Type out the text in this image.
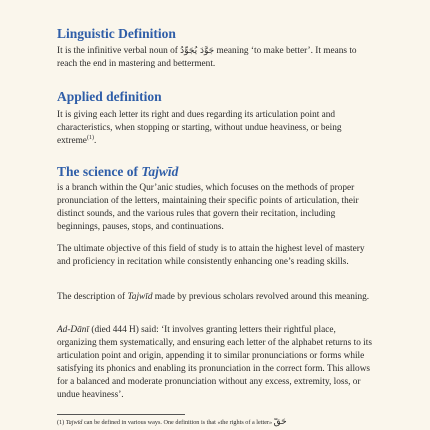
Linguistic Definition

It is the infinitive verbal noun of جَوَّدَ يُجَوِّدُ meaning ‘to make better’. It means to reach the end in mastering and betterment.

Applied definition

It is giving each letter its right and dues regarding its articulation point and characteristics, when stopping or starting, without undue heaviness, or being extreme$^{(1)}$.

The science of Tajwīd

is a branch within the Qur’anic studies, which focuses on the methods of proper pronunciation of the letters, maintaining their specific points of articulation, their distinct sounds, and the various rules that govern their recitation, including beginnings, pauses, stops, and continuations.

The ultimate objective of this field of study is to attain the highest level of mastery and proficiency in recitation while consistently enhancing one’s reading skills.

The description of Tajwīd made by previous scholars revolved around this meaning.

Ad-Dānī (died 444 H) said: ‘It involves granting letters their rightful place, organizing them systematically, and ensuring each letter of the alphabet returns to its articulation point and origin, appending it to similar pronunciations or forms while satisfying its phonics and enabling its pronunciation in the correct form. This allows for a balanced and moderate pronunciation without any excess, extremity, loss, or undue heaviness’.

(1) Tajwīd can be defined in various ways. One definition is that «the rights of a letter» حَقّ
